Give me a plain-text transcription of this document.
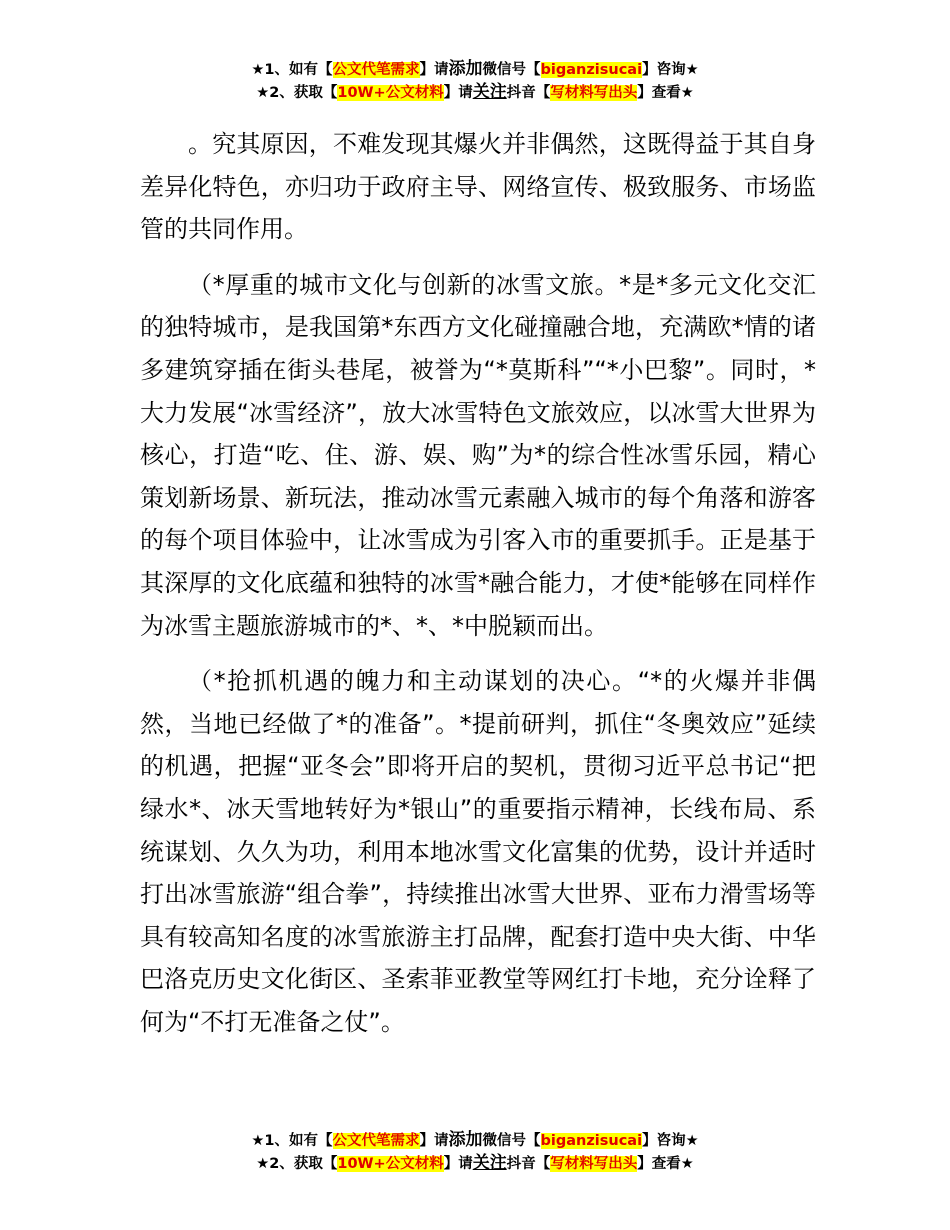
★1、如有【公文代笔需求】请添加微信号【biganzisucai】咨询★
★2、获取【10W+公文材料】请关注抖音【写材料写出头】查看★

。究其原因，不难发现其爆火并非偶然，这既得益于其自身差异化特色，亦归功于政府主导、网络宣传、极致服务、市场监管的共同作用。

（*厚重的城市文化与创新的冰雪文旅。*是*多元文化交汇的独特城市，是我国第*东西方文化碰撞融合地，充满欧*情的诸多建筑穿插在街头巷尾，被誉为“*莫斯科”“*小巴黎”。同时，*大力发展“冰雪经济”，放大冰雪特色文旅效应，以冰雪大世界为核心，打造“吃、住、游、娱、购”为*的综合性冰雪乐园，精心策划新场景、新玩法，推动冰雪元素融入城市的每个角落和游客的每个项目体验中，让冰雪成为引客入市的重要抓手。正是基于其深厚的文化底蕴和独特的冰雪*融合能力，才使*能够在同样作为冰雪主题旅游城市的*、*、*中脱颖而出。

（*抢抓机遇的魄力和主动谋划的决心。“*的火爆并非偶然，当地已经做了*的准备”。*提前研判，抓住“冬奥效应”延续的机遇，把握“亚冬会”即将开启的契机，贯彻习近平总书记“把绿水*、冰天雪地转好为*银山”的重要指示精神，长线布局、系统谋划、久久为功，利用本地冰雪文化富集的优势，设计并适时打出冰雪旅游“组合拳”，持续推出冰雪大世界、亚布力滑雪场等具有较高知名度的冰雪旅游主打品牌，配套打造中央大街、中华巴洛克历史文化街区、圣索菲亚教堂等网红打卡地，充分诠释了何为“不打无准备之仗”。

★1、如有【公文代笔需求】请添加微信号【biganzisucai】咨询★
★2、获取【10W+公文材料】请关注抖音【写材料写出头】查看★
